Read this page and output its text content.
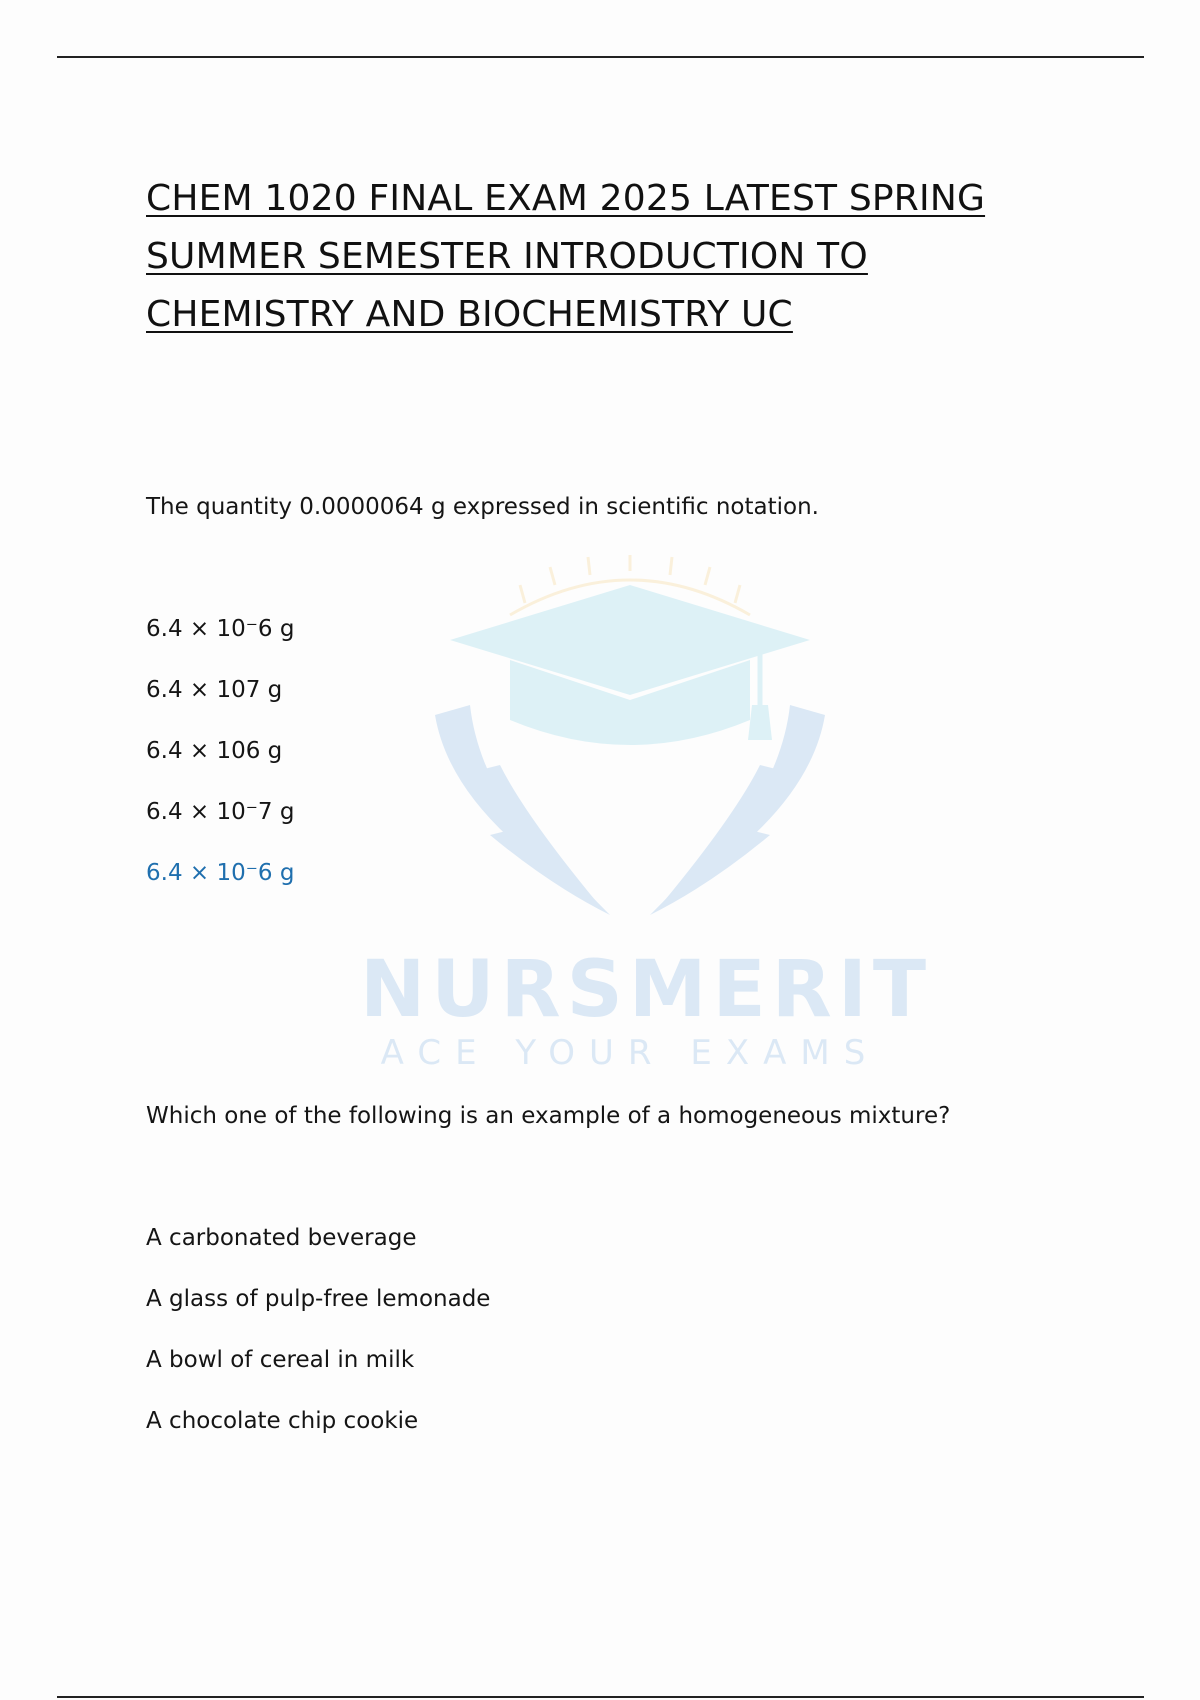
NURSMERIT
ACE YOUR EXAMS
CHEM 1020 FINAL EXAM 2025 LATEST SPRING
SUMMER SEMESTER INTRODUCTION TO
CHEMISTRY AND BIOCHEMISTRY UC

The quantity 0.0000064 g expressed in scientific notation.

6.4 × 10⁻6 g
6.4 × 107 g
6.4 × 106 g
6.4 × 10⁻7 g
6.4 × 10⁻6 g

Which one of the following is an example of a homogeneous mixture?

A carbonated beverage
A glass of pulp-free lemonade
A bowl of cereal in milk
A chocolate chip cookie
